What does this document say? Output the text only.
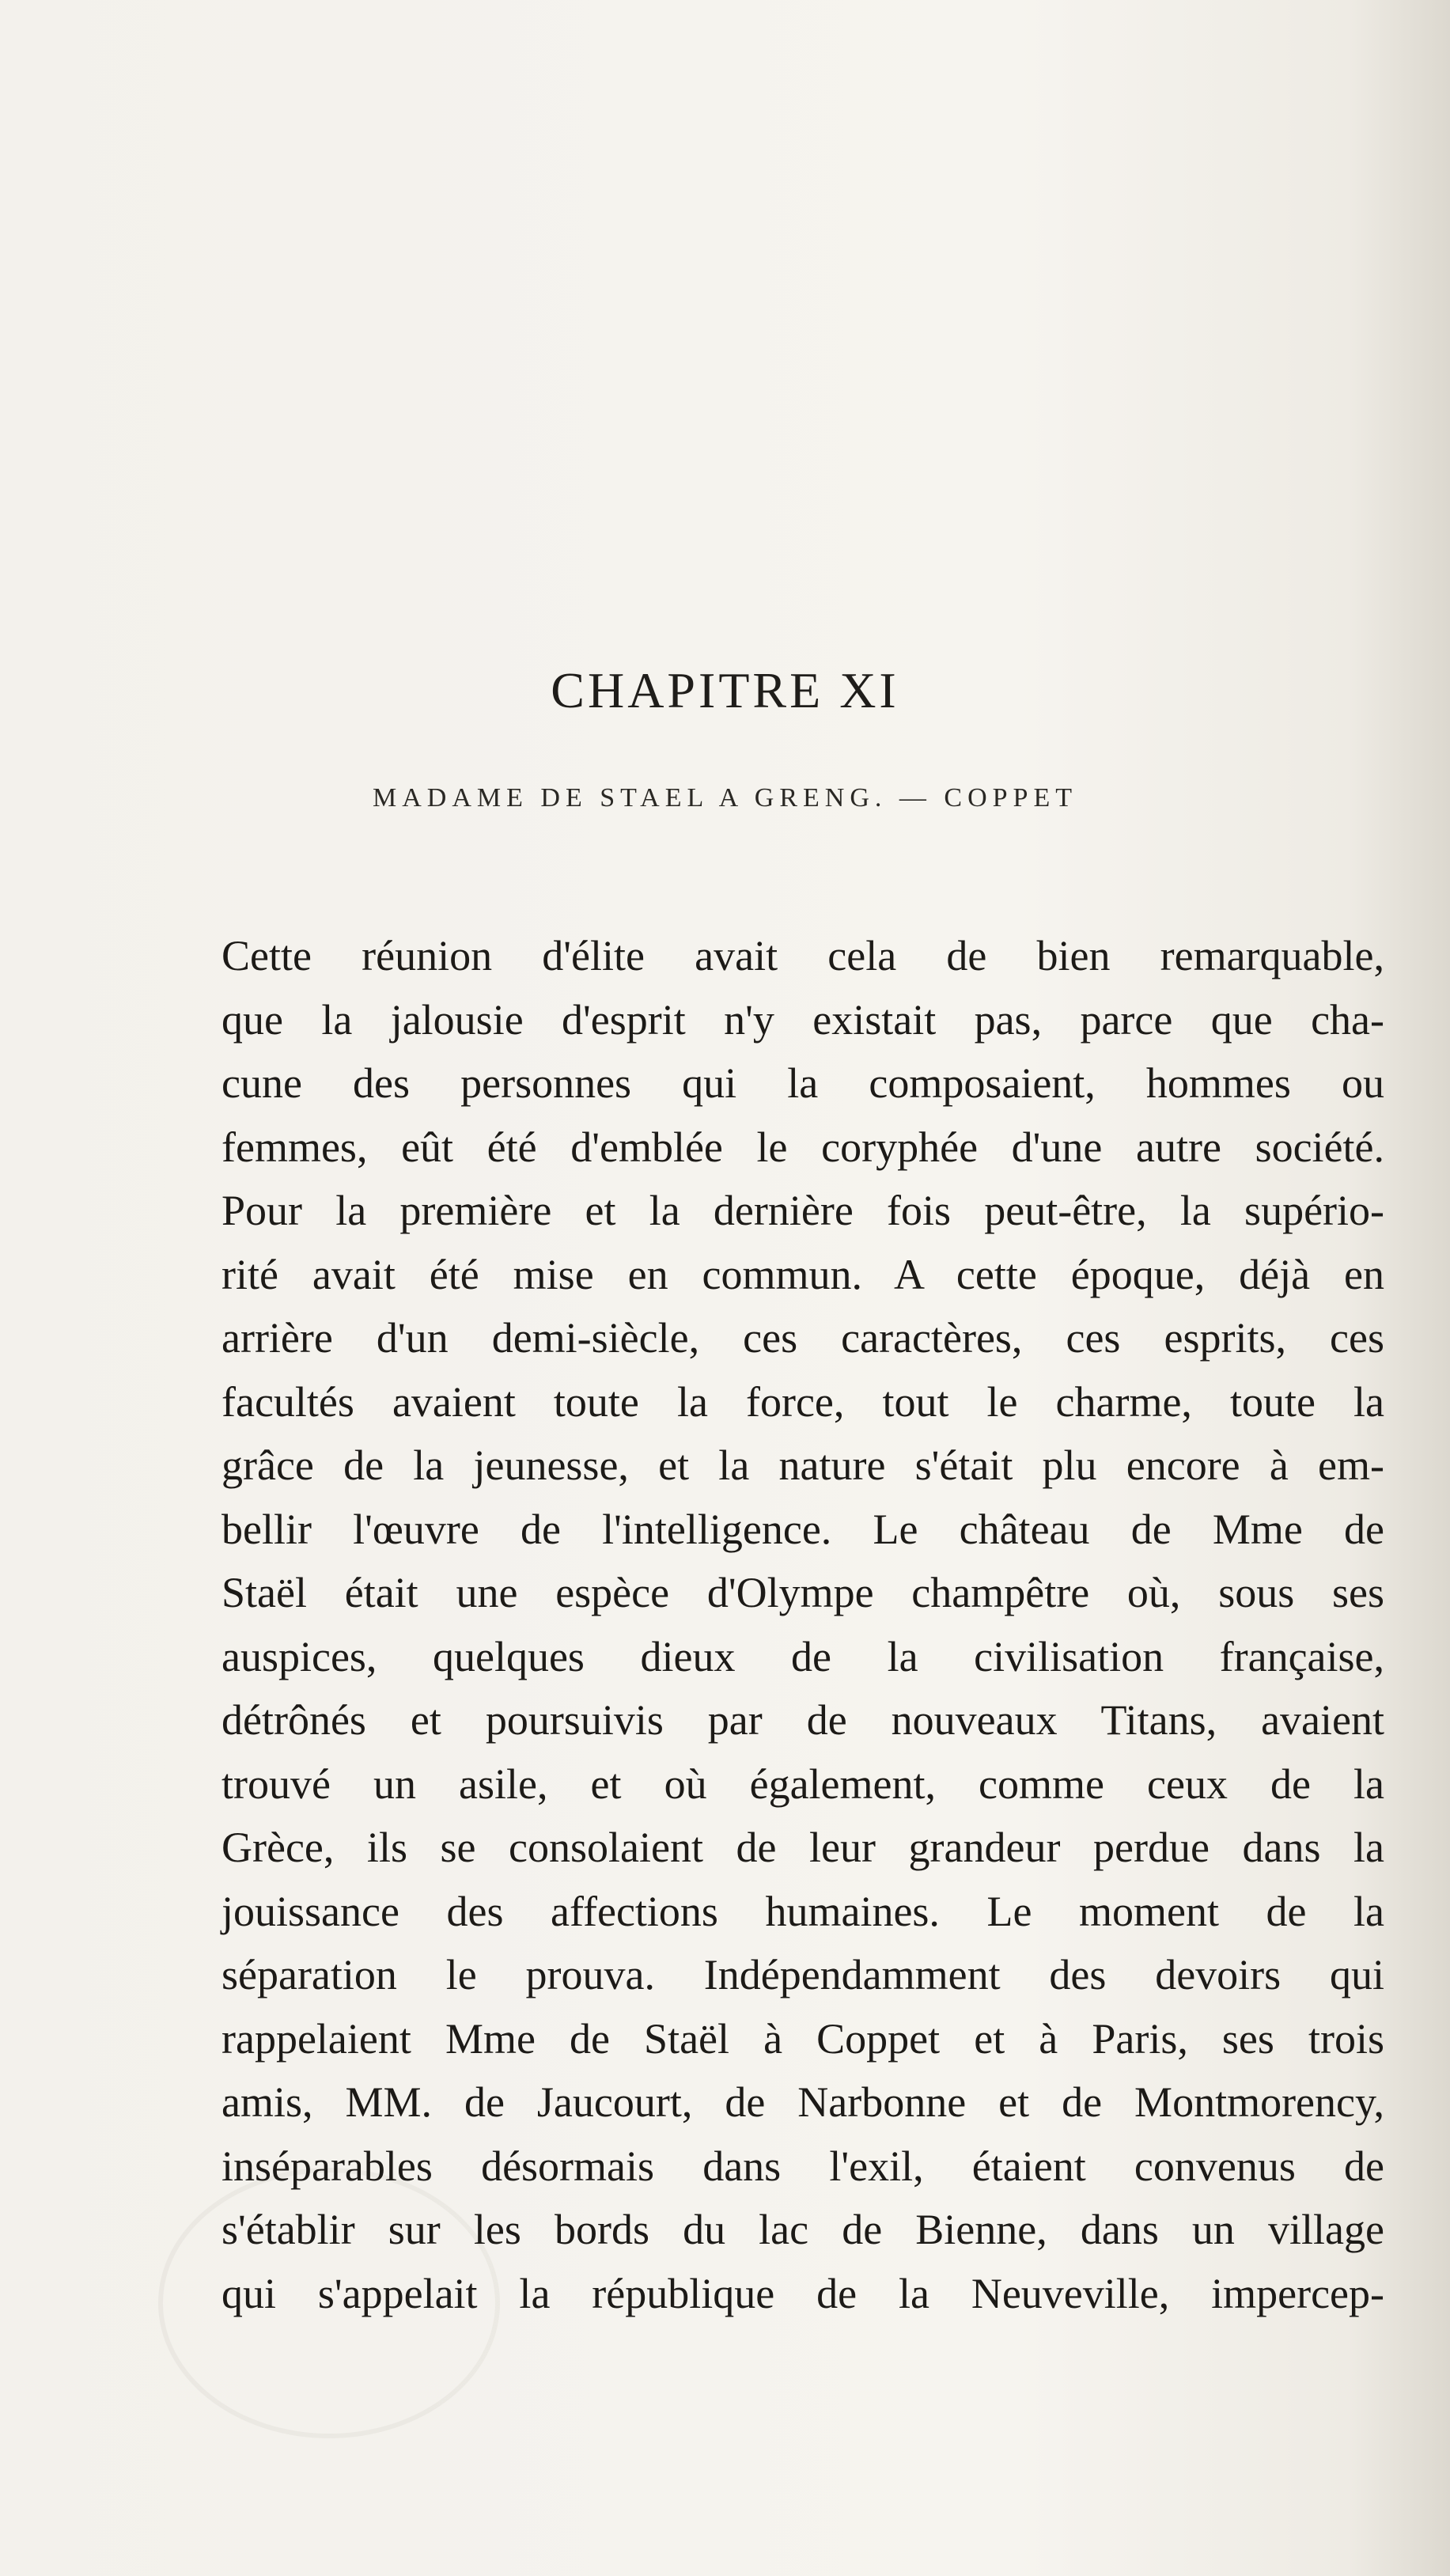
CHAPITRE XI
MADAME DE STAEL A GRENG. — COPPET
Cette réunion d'élite avait cela de bien remarquable,
que la jalousie d'esprit n'y existait pas, parce que cha-
cune des personnes qui la composaient, hommes ou
femmes, eût été d'emblée le coryphée d'une autre société.
Pour la première et la dernière fois peut-être, la supério-
rité avait été mise en commun. A cette époque, déjà en
arrière d'un demi-siècle, ces caractères, ces esprits, ces
facultés avaient toute la force, tout le charme, toute la
grâce de la jeunesse, et la nature s'était plu encore à em-
bellir l'œuvre de l'intelligence. Le château de Mme de
Staël était une espèce d'Olympe champêtre où, sous ses
auspices, quelques dieux de la civilisation française,
détrônés et poursuivis par de nouveaux Titans, avaient
trouvé un asile, et où également, comme ceux de la
Grèce, ils se consolaient de leur grandeur perdue dans la
jouissance des affections humaines. Le moment de la
séparation le prouva. Indépendamment des devoirs qui
rappelaient Mme de Staël à Coppet et à Paris, ses trois
amis, MM. de Jaucourt, de Narbonne et de Montmorency,
inséparables désormais dans l'exil, étaient convenus de
s'établir sur les bords du lac de Bienne, dans un village
qui s'appelait la république de la Neuveville, impercep-
